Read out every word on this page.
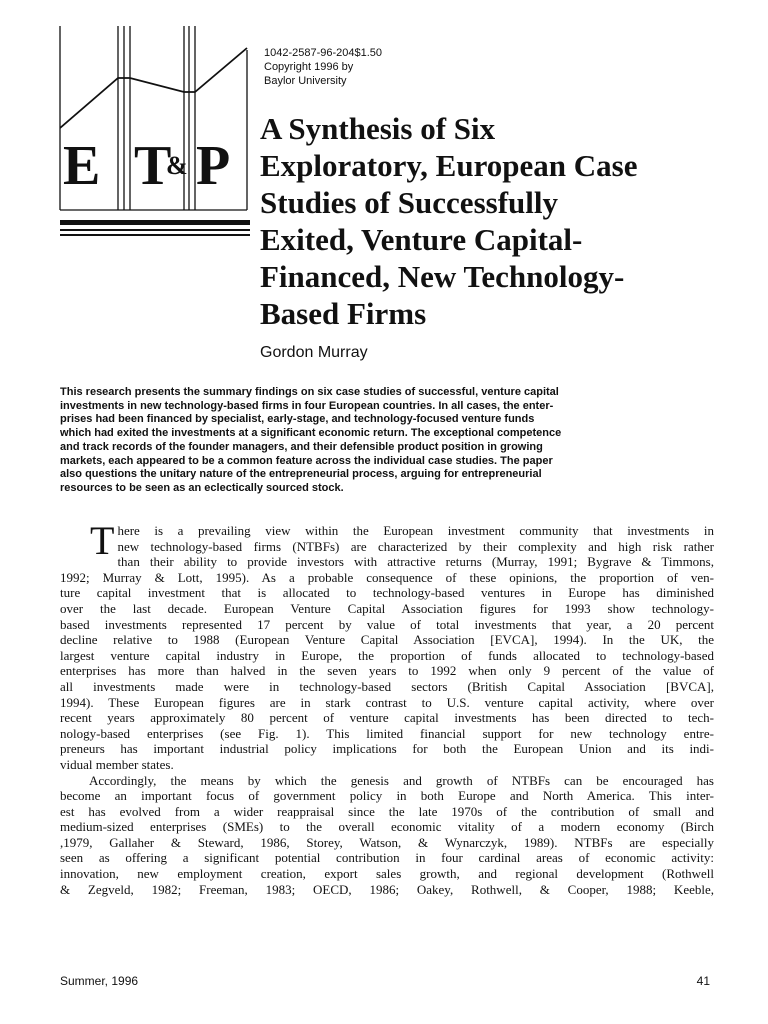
E T
& P
1042-2587-96-204$1.50
Copyright 1996 by
Baylor University
A Synthesis of Six
Exploratory, European Case
Studies of Successfully
Exited, Venture Capital-
Financed, New Technology-
Based Firms
Gordon Murray
This research presents the summary findings on six case studies of successful, venture capital
investments in new technology-based firms in four European countries. In all cases, the enter-
prises had been financed by specialist, early-stage, and technology-focused venture funds
which had exited the investments at a significant economic return. The exceptional competence
and track records of the founder managers, and their defensible product position in growing
markets, each appeared to be a common feature across the individual case studies. The paper
also questions the unitary nature of the entrepreneurial process, arguing for entrepreneurial
resources to be seen as an eclectically sourced stock.
T here is a prevailing view within the European investment community that investments in
new technology-based firms (NTBFs) are characterized by their complexity and high risk rather
than their ability to provide investors with attractive returns (Murray, 1991; Bygrave & Timmons,
1992; Murray & Lott, 1995). As a probable consequence of these opinions, the proportion of ven-
ture capital investment that is allocated to technology-based ventures in Europe has diminished
over the last decade. European Venture Capital Association figures for 1993 show technology-
based investments represented 17 percent by value of total investments that year, a 20 percent
decline relative to 1988 (European Venture Capital Association [EVCA], 1994). In the UK, the
largest venture capital industry in Europe, the proportion of funds allocated to technology-based
enterprises has more than halved in the seven years to 1992 when only 9 percent of the value of
all investments made were in technology-based sectors (British Capital Association [BVCA],
1994). These European figures are in stark contrast to U.S. venture capital activity, where over
recent years approximately 80 percent of venture capital investments has been directed to tech-
nology-based enterprises (see Fig. 1). This limited financial support for new technology entre-
preneurs has important industrial policy implications for both the European Union and its indi-
vidual member states.
Accordingly, the means by which the genesis and growth of NTBFs can be encouraged has
become an important focus of government policy in both Europe and North America. This inter-
est has evolved from a wider reappraisal since the late 1970s of the contribution of small and
medium-sized enterprises (SMEs) to the overall economic vitality of a modern economy (Birch
,1979, Gallaher & Steward, 1986, Storey, Watson, & Wynarczyk, 1989). NTBFs are especially
seen as offering a significant potential contribution in four cardinal areas of economic activity:
innovation, new employment creation, export sales growth, and regional development (Rothwell
& Zegveld, 1982; Freeman, 1983; OECD, 1986; Oakey, Rothwell, & Cooper, 1988; Keeble,
Summer, 1996	41
